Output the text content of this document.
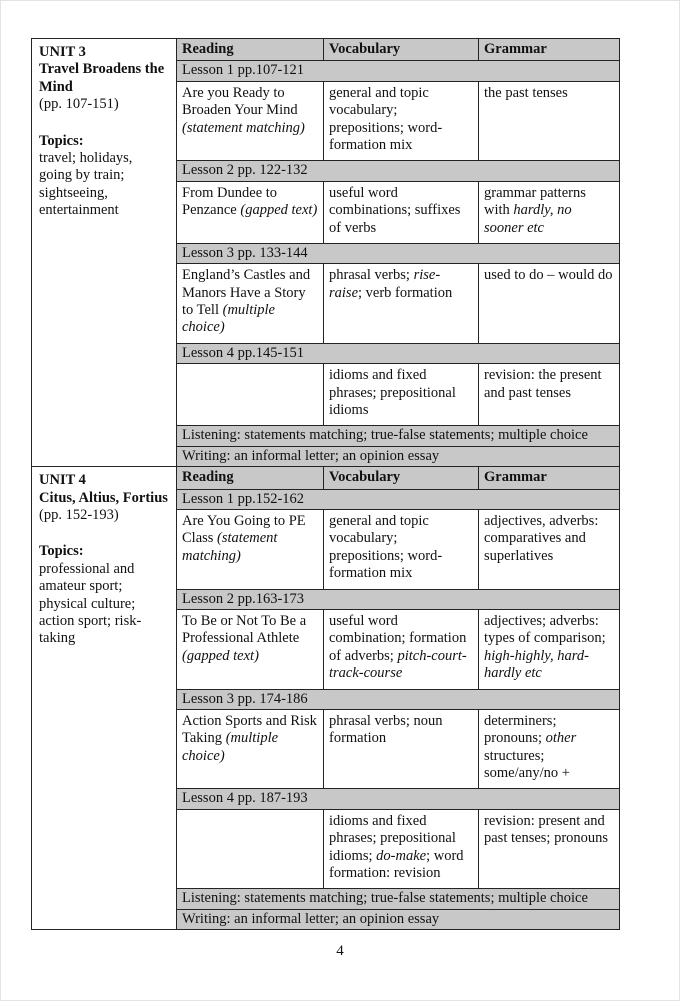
UNIT 3
Travel Broadens the Mind
(pp. 107-151)
Topics:
travel; holidays, going by train; sightseeing, entertainment	Reading	Vocabulary	Grammar
	Lesson 1 pp.107-121		
	Are you Ready to Broaden Your Mind (statement matching)	general and topic vocabulary; prepositions; word-formation mix	the past tenses
	Lesson 2 pp. 122-132		
	From Dundee to Penzance (gapped text)	useful word combinations; suffixes of verbs	grammar patterns with hardly, no sooner etc
	Lesson 3 pp. 133-144		
	England’s Castles and Manors Have a Story to Tell (multiple choice)	phrasal verbs; rise-raise; verb formation	used to do – would do
	Lesson 4 pp.145-151		
		idioms and fixed phrases; prepositional idioms	revision: the present and past tenses
	Listening: statements matching; true-false statements; multiple choice		
	Writing: an informal letter; an opinion essay		

UNIT 4
Citus, Altius, Fortius
(pp. 152-193)
Topics:
professional and amateur sport; physical culture; action sport; risk-taking	Reading	Vocabulary	Grammar
	Lesson 1 pp.152-162		
	Are You Going to PE Class (statement matching)	general and topic vocabulary; prepositions; word-formation mix	adjectives, adverbs: comparatives and superlatives
	Lesson 2 pp.163-173		
	To Be or Not To Be a Professional Athlete (gapped text)	useful word combination; formation of adverbs; pitch-court-track-course	adjectives; adverbs: types of comparison; high-highly, hard-hardly etc
	Lesson 3 pp. 174-186		
	Action Sports and Risk Taking (multiple choice)	phrasal verbs; noun formation	determiners; pronouns; other structures; some/any/no +
	Lesson 4 pp. 187-193		
		idioms and fixed phrases; prepositional idioms; do-make; word formation: revision	revision: present and past tenses; pronouns
	Listening: statements matching; true-false statements; multiple choice		
	Writing: an informal letter; an opinion essay		
4
